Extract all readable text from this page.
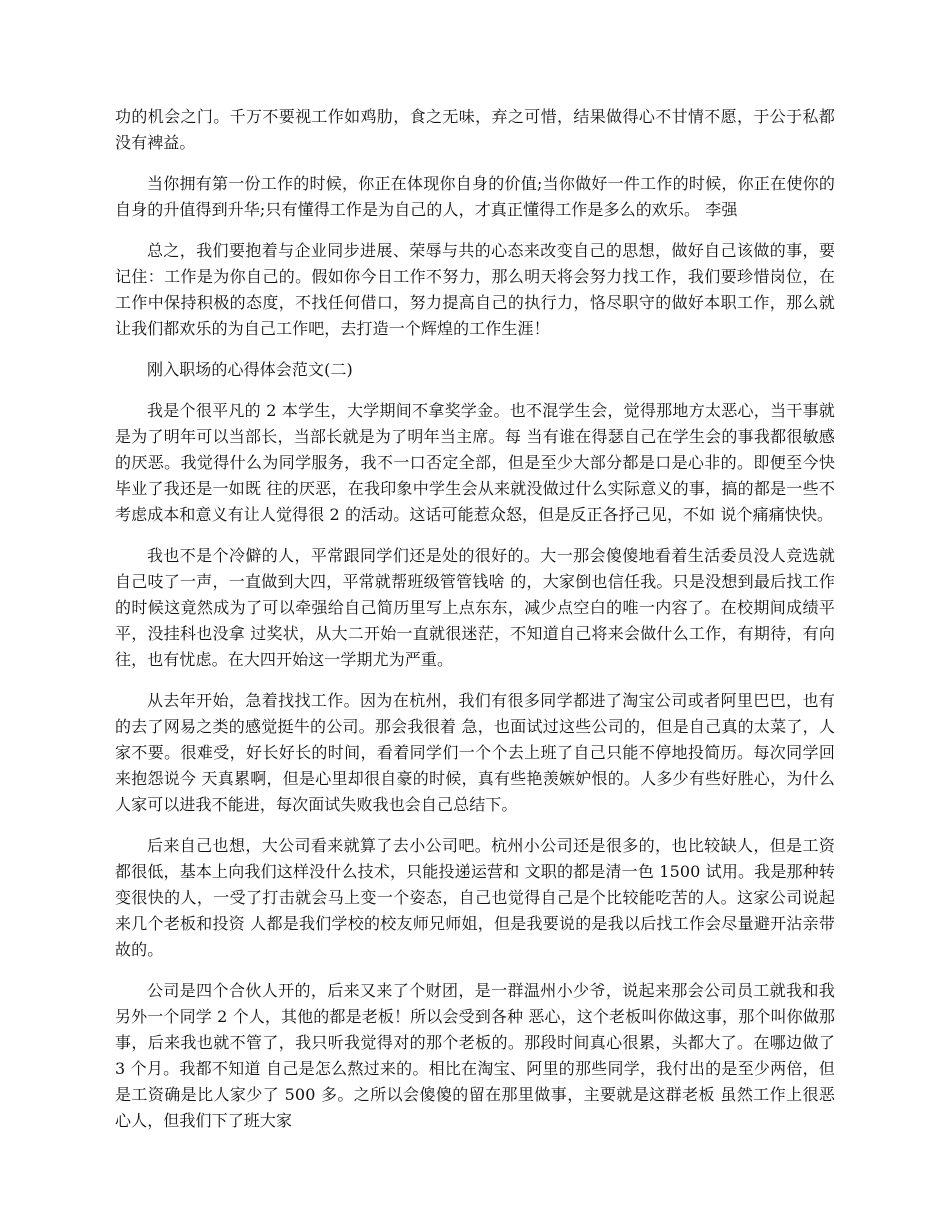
功的机会之门。千万不要视工作如鸡肋，食之无味，弃之可惜，结果做得心不甘情不愿，于公于私都没有裨益。

当你拥有第一份工作的时候，你正在体现你自身的价值;当你做好一件工作的时候，你正在使你的自身的升值得到升华;只有懂得工作是为自己的人，才真正懂得工作是多么的欢乐。 李强

总之，我们要抱着与企业同步进展、荣辱与共的心态来改变自己的思想，做好自己该做的事，要记住：工作是为你自己的。假如你今日工作不努力，那么明天将会努力找工作，我们要珍惜岗位，在工作中保持积极的态度，不找任何借口，努力提高自己的执行力，恪尽职守的做好本职工作，那么就让我们都欢乐的为自己工作吧，去打造一个辉煌的工作生涯！

刚入职场的心得体会范文(二)

我是个很平凡的 2 本学生，大学期间不拿奖学金。也不混学生会，觉得那地方太恶心，当干事就是为了明年可以当部长，当部长就是为了明年当主席。每 当有谁在得瑟自己在学生会的事我都很敏感的厌恶。我觉得什么为同学服务，我不一口否定全部，但是至少大部分都是口是心非的。即便至今快毕业了我还是一如既 往的厌恶，在我印象中学生会从来就没做过什么实际意义的事，搞的都是一些不考虑成本和意义有让人觉得很 2 的活动。这话可能惹众怒，但是反正各抒己见，不如 说个痛痛快快。

我也不是个冷僻的人，平常跟同学们还是处的很好的。大一那会傻傻地看着生活委员没人竞选就自己吱了一声，一直做到大四，平常就帮班级管管钱啥 的，大家倒也信任我。只是没想到最后找工作的时候这竟然成为了可以牵强给自己简历里写上点东东，减少点空白的唯一内容了。在校期间成绩平平，没挂科也没拿 过奖状，从大二开始一直就很迷茫，不知道自己将来会做什么工作，有期待，有向往，也有忧虑。在大四开始这一学期尤为严重。

从去年开始，急着找找工作。因为在杭州，我们有很多同学都进了淘宝公司或者阿里巴巴，也有的去了网易之类的感觉挺牛的公司。那会我很着 急，也面试过这些公司的，但是自己真的太菜了，人家不要。很难受，好长好长的时间，看着同学们一个个去上班了自己只能不停地投简历。每次同学回来抱怨说今 天真累啊，但是心里却很自豪的时候，真有些艳羡嫉妒恨的。人多少有些好胜心，为什么人家可以进我不能进，每次面试失败我也会自己总结下。

后来自己也想，大公司看来就算了去小公司吧。杭州小公司还是很多的，也比较缺人，但是工资都很低，基本上向我们这样没什么技术，只能投递运营和 文职的都是清一色 1500 试用。我是那种转变很快的人，一受了打击就会马上变一个姿态，自己也觉得自己是个比较能吃苦的人。这家公司说起来几个老板和投资 人都是我们学校的校友师兄师姐，但是我要说的是我以后找工作会尽量避开沾亲带故的。

公司是四个合伙人开的，后来又来了个财团，是一群温州小少爷，说起来那会公司员工就我和我另外一个同学 2 个人，其他的都是老板！所以会受到各种 恶心，这个老板叫你做这事，那个叫你做那事，后来我也就不管了，我只听我觉得对的那个老板的。那段时间真心很累，头都大了。在哪边做了 3 个月。我都不知道 自己是怎么熬过来的。相比在淘宝、阿里的那些同学，我付出的是至少两倍，但是工资确是比人家少了 500 多。之所以会傻傻的留在那里做事，主要就是这群老板 虽然工作上很恶心人，但我们下了班大家
